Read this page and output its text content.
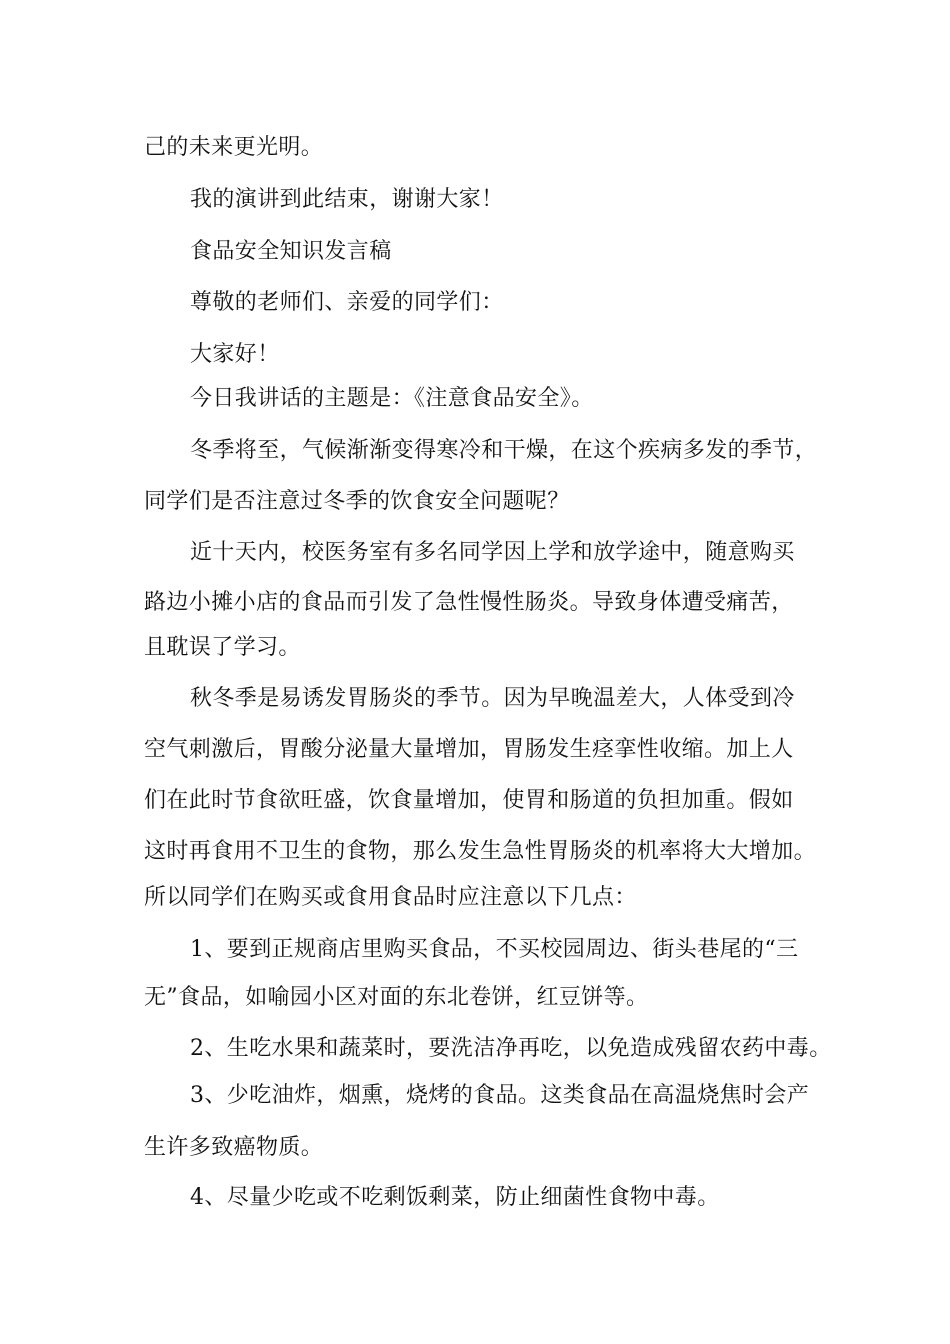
己的未来更光明。
我的演讲到此结束，谢谢大家！
食品安全知识发言稿
尊敬的老师们、亲爱的同学们：
大家好！
今日我讲话的主题是：《注意食品安全》。
冬季将至，气候渐渐变得寒冷和干燥，在这个疾病多发的季节，
同学们是否注意过冬季的饮食安全问题呢？
近十天内，校医务室有多名同学因上学和放学途中，随意购买
路边小摊小店的食品而引发了急性慢性肠炎。导致身体遭受痛苦，
且耽误了学习。
秋冬季是易诱发胃肠炎的季节。因为早晚温差大，人体受到冷
空气刺激后，胃酸分泌量大量增加，胃肠发生痉挛性收缩。加上人
们在此时节食欲旺盛，饮食量增加，使胃和肠道的负担加重。假如
这时再食用不卫生的食物，那么发生急性胃肠炎的机率将大大增加。
所以同学们在购买或食用食品时应注意以下几点：
1、要到正规商店里购买食品，不买校园周边、街头巷尾的“三
无”食品，如喻园小区对面的东北卷饼，红豆饼等。
2、生吃水果和蔬菜时，要洗洁净再吃，以免造成残留农药中毒。
3、少吃油炸，烟熏，烧烤的食品。这类食品在高温烧焦时会产
生许多致癌物质。
4、尽量少吃或不吃剩饭剩菜，防止细菌性食物中毒。
